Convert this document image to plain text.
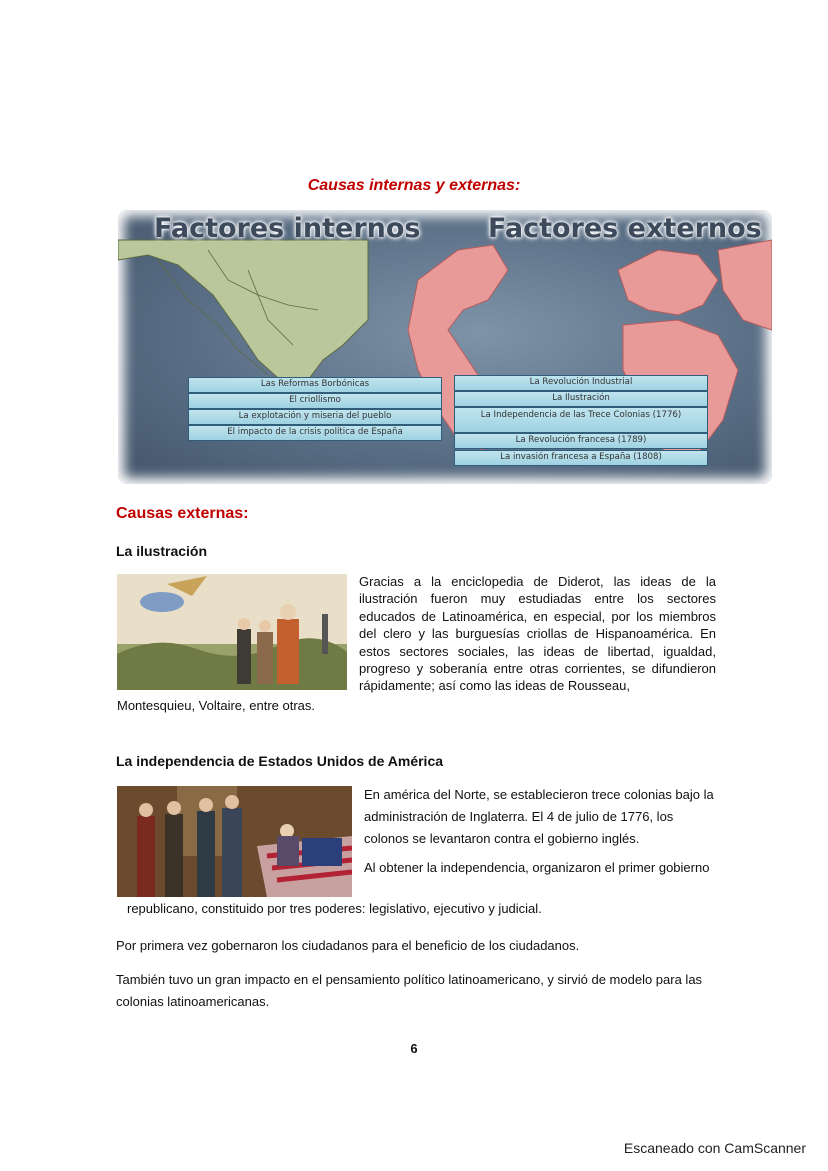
Causas internas y externas:
Factores internos	Factores externos
Las Reformas Borbónicas
El criollismo
La explotación y miseria del pueblo
El impacto de la crisis política de España
La Revolución Industrial
La Ilustración
La Independencia de las Trece Colonias (1776)
La Revolución francesa (1789)
La invasión francesa a España (1808)
Causas externas:
La ilustración
Gracias a la enciclopedia de Diderot, las ideas de la ilustración fueron muy estudiadas entre los sectores educados de Latinoamérica, en especial, por los miembros del clero y las burguesías criollas de Hispanoamérica. En estos sectores sociales, las ideas de libertad, igualdad, progreso y soberanía entre otras corrientes, se difundieron rápidamente; así como las ideas de Rousseau,
Montesquieu, Voltaire, entre otras.
La independencia de Estados Unidos de América
En américa del Norte, se establecieron trece colonias bajo la administración de Inglaterra. El 4 de julio de 1776, los colonos se levantaron contra el gobierno inglés.
Al obtener la independencia, organizaron el primer gobierno
republicano, constituido por tres poderes: legislativo, ejecutivo y judicial.
Por primera vez gobernaron los ciudadanos para el beneficio de los ciudadanos.
También tuvo un gran impacto en el pensamiento político latinoamericano, y sirvió de modelo para las colonias latinoamericanas.
6
Escaneado con CamScanner
